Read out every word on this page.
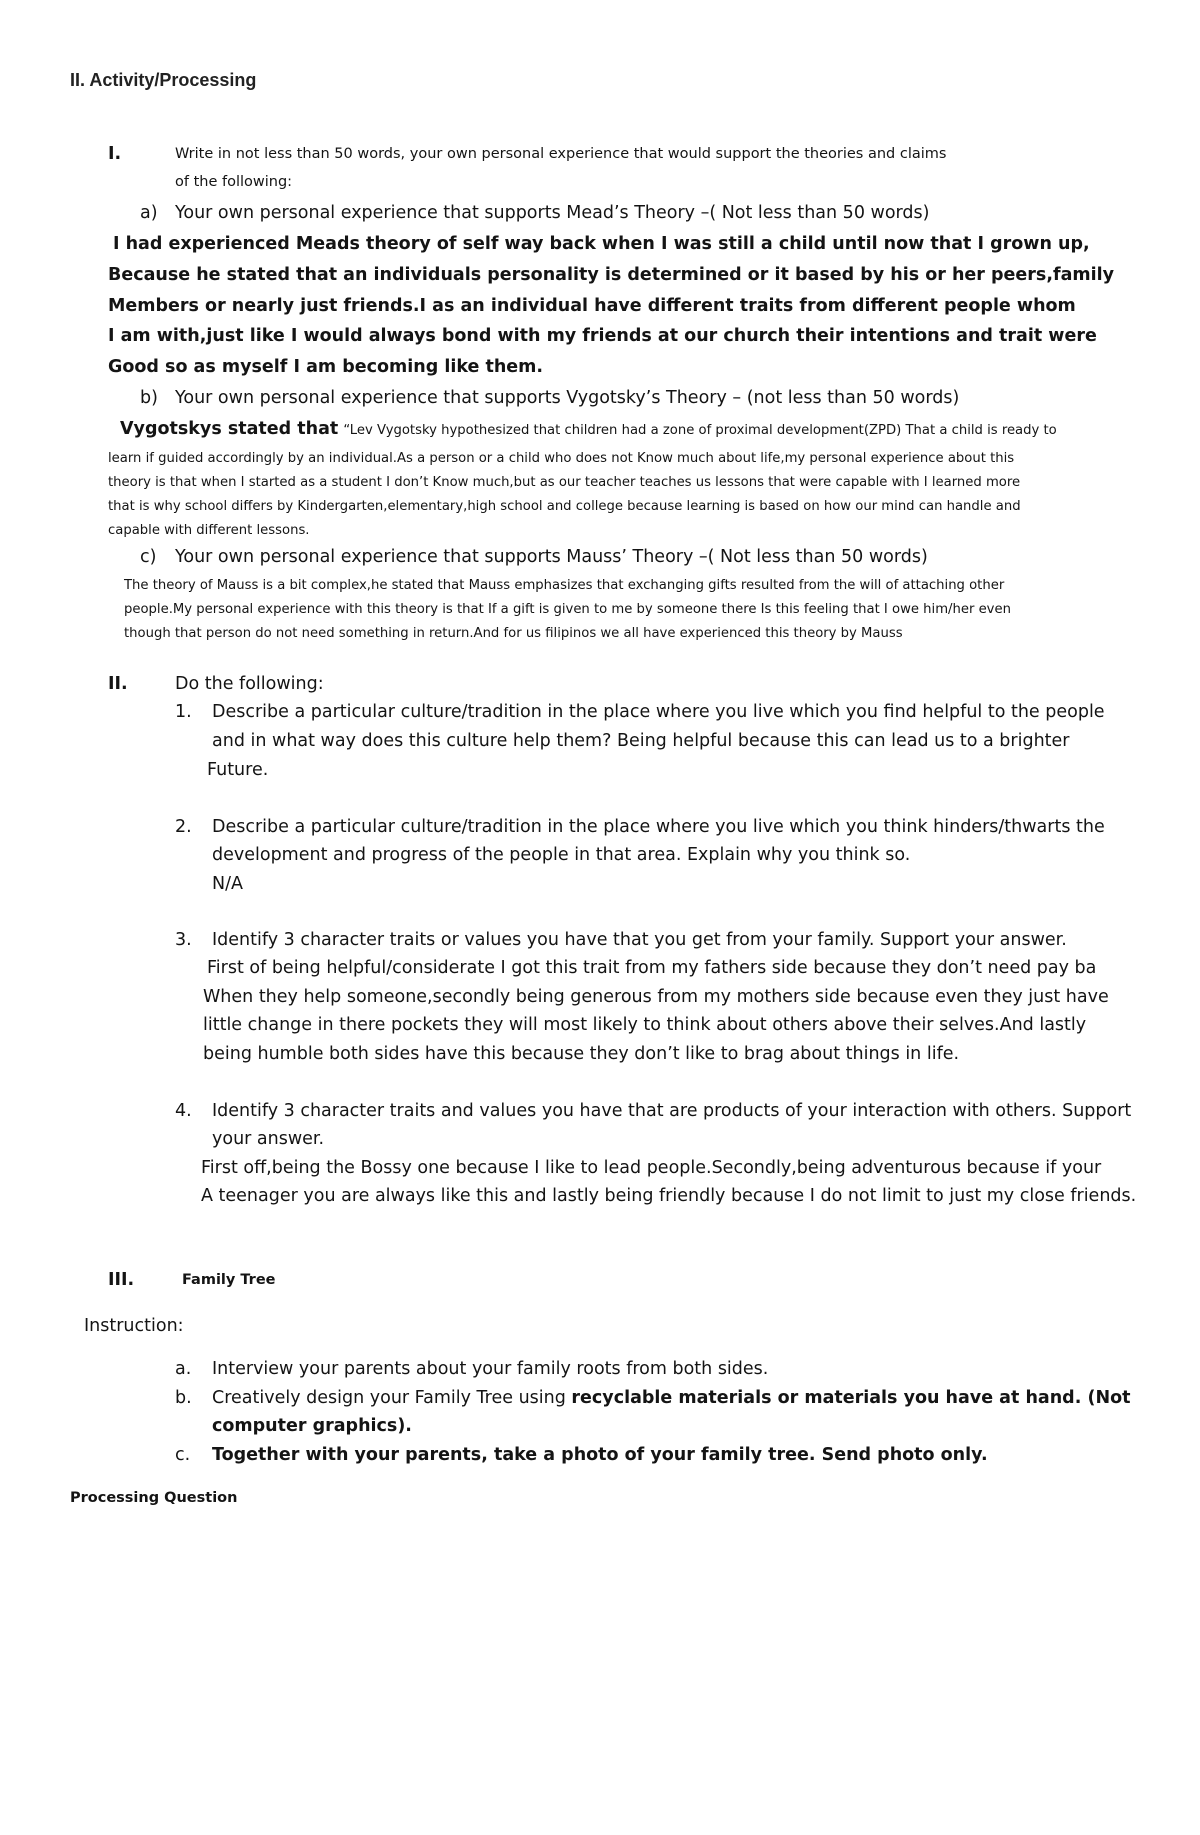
II. Activity/Processing
I.	Write in not less than 50 words, your own personal experience that would support the theories and claims
of the following:
a) Your own personal experience that supports Mead’s Theory –( Not less than 50 words)
I had experienced Meads theory of self way back when I was still a child until now that I grown up,
Because he stated that an individuals personality is determined or it based by his or her peers,family
Members or nearly just friends.I as an individual have different traits from different people whom
I am with,just like I would always bond with my friends at our church their intentions and trait were
Good so as myself I am becoming like them.
b) Your own personal experience that supports Vygotsky’s Theory – (not less than 50 words)
Vygotskys stated that “Lev Vygotsky hypothesized that children had a zone of proximal development(ZPD) That a child is ready to
learn if guided accordingly by an individual.As a person or a child who does not Know much about life,my personal experience about this
theory is that when I started as a student I don’t Know much,but as our teacher teaches us lessons that were capable with I learned more
that is why school differs by Kindergarten,elementary,high school and college because learning is based on how our mind can handle and
capable with different lessons.
c) Your own personal experience that supports Mauss’ Theory –( Not less than 50 words)
The theory of Mauss is a bit complex,he stated that Mauss emphasizes that exchanging gifts resulted from the will of attaching other
people.My personal experience with this theory is that If a gift is given to me by someone there Is this feeling that I owe him/her even
though that person do not need something in return.And for us filipinos we all have experienced this theory by Mauss
II.	Do the following:
1. Describe a particular culture/tradition in the place where you live which you find helpful to the people
and in what way does this culture help them? Being helpful because this can lead us to a brighter
Future.
2. Describe a particular culture/tradition in the place where you live which you think hinders/thwarts the
development and progress of the people in that area. Explain why you think so.
N/A
3. Identify 3 character traits or values you have that you get from your family. Support your answer.
First of being helpful/considerate I got this trait from my fathers side because they don’t need pay ba
When they help someone,secondly being generous from my mothers side because even they just have
little change in there pockets they will most likely to think about others above their selves.And lastly
being humble both sides have this because they don’t like to brag about things in life.
4. Identify 3 character traits and values you have that are products of your interaction with others. Support
your answer.
First off,being the Bossy one because I like to lead people.Secondly,being adventurous because if your
A teenager you are always like this and lastly being friendly because I do not limit to just my close friends.
III.	Family Tree
Instruction:
a. Interview your parents about your family roots from both sides.
b. Creatively design your Family Tree using recyclable materials or materials you have at hand. (Not
computer graphics).
c. Together with your parents, take a photo of your family tree. Send photo only.
Processing Question
